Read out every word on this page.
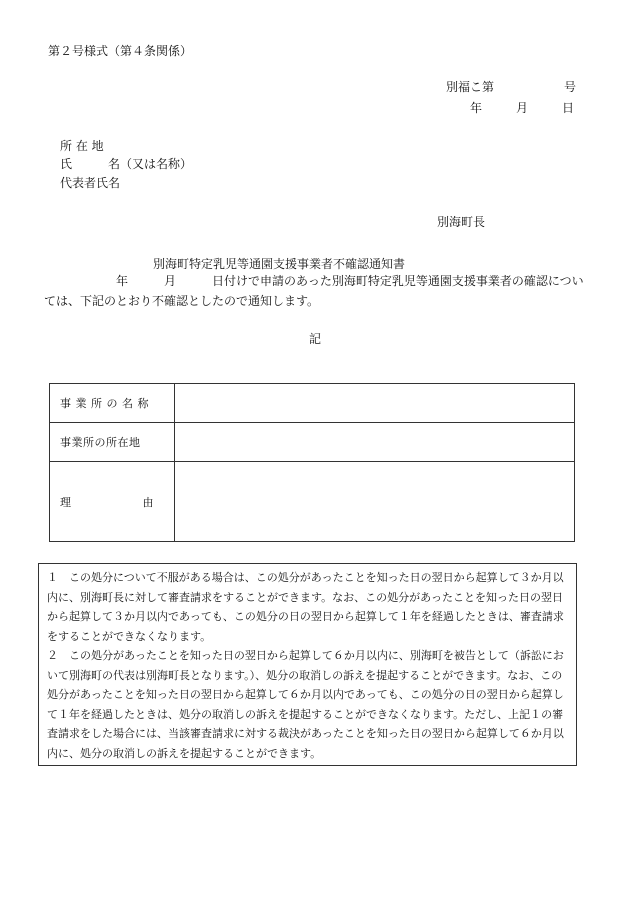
第２号様式（第４条関係）
別福こ第	号
年	月	日
所 在 地
氏　　　名（又は名称）
代表者氏名
別海町長
別海町特定乳児等通園支援事業者不確認通知書
　　　　　　年　　　月　　　日付けで申請のあった別海町特定乳児等通園支援事業者の確認については、下記のとおり不確認としたので通知します。
記
事 業 所 の 名 称	
事業所の所在地	

理 由	

１　この処分について不服がある場合は、この処分があったことを知った日の翌日から起算して３か月以内に、別海町長に対して審査請求をすることができます。なお、この処分があったことを知った日の翌日から起算して３か月以内であっても、この処分の日の翌日から起算して１年を経過したときは、審査請求をすることができなくなります。

２　この処分があったことを知った日の翌日から起算して６か月以内に、別海町を被告として（訴訟において別海町の代表は別海町長となります。）、処分の取消しの訴えを提起することができます。なお、この処分があったことを知った日の翌日から起算して６か月以内であっても、この処分の日の翌日から起算して１年を経過したときは、処分の取消しの訴えを提起することができなくなります。ただし、上記１の審査請求をした場合には、当該審査請求に対する裁決があったことを知った日の翌日から起算して６か月以内に、処分の取消しの訴えを提起することができます。
